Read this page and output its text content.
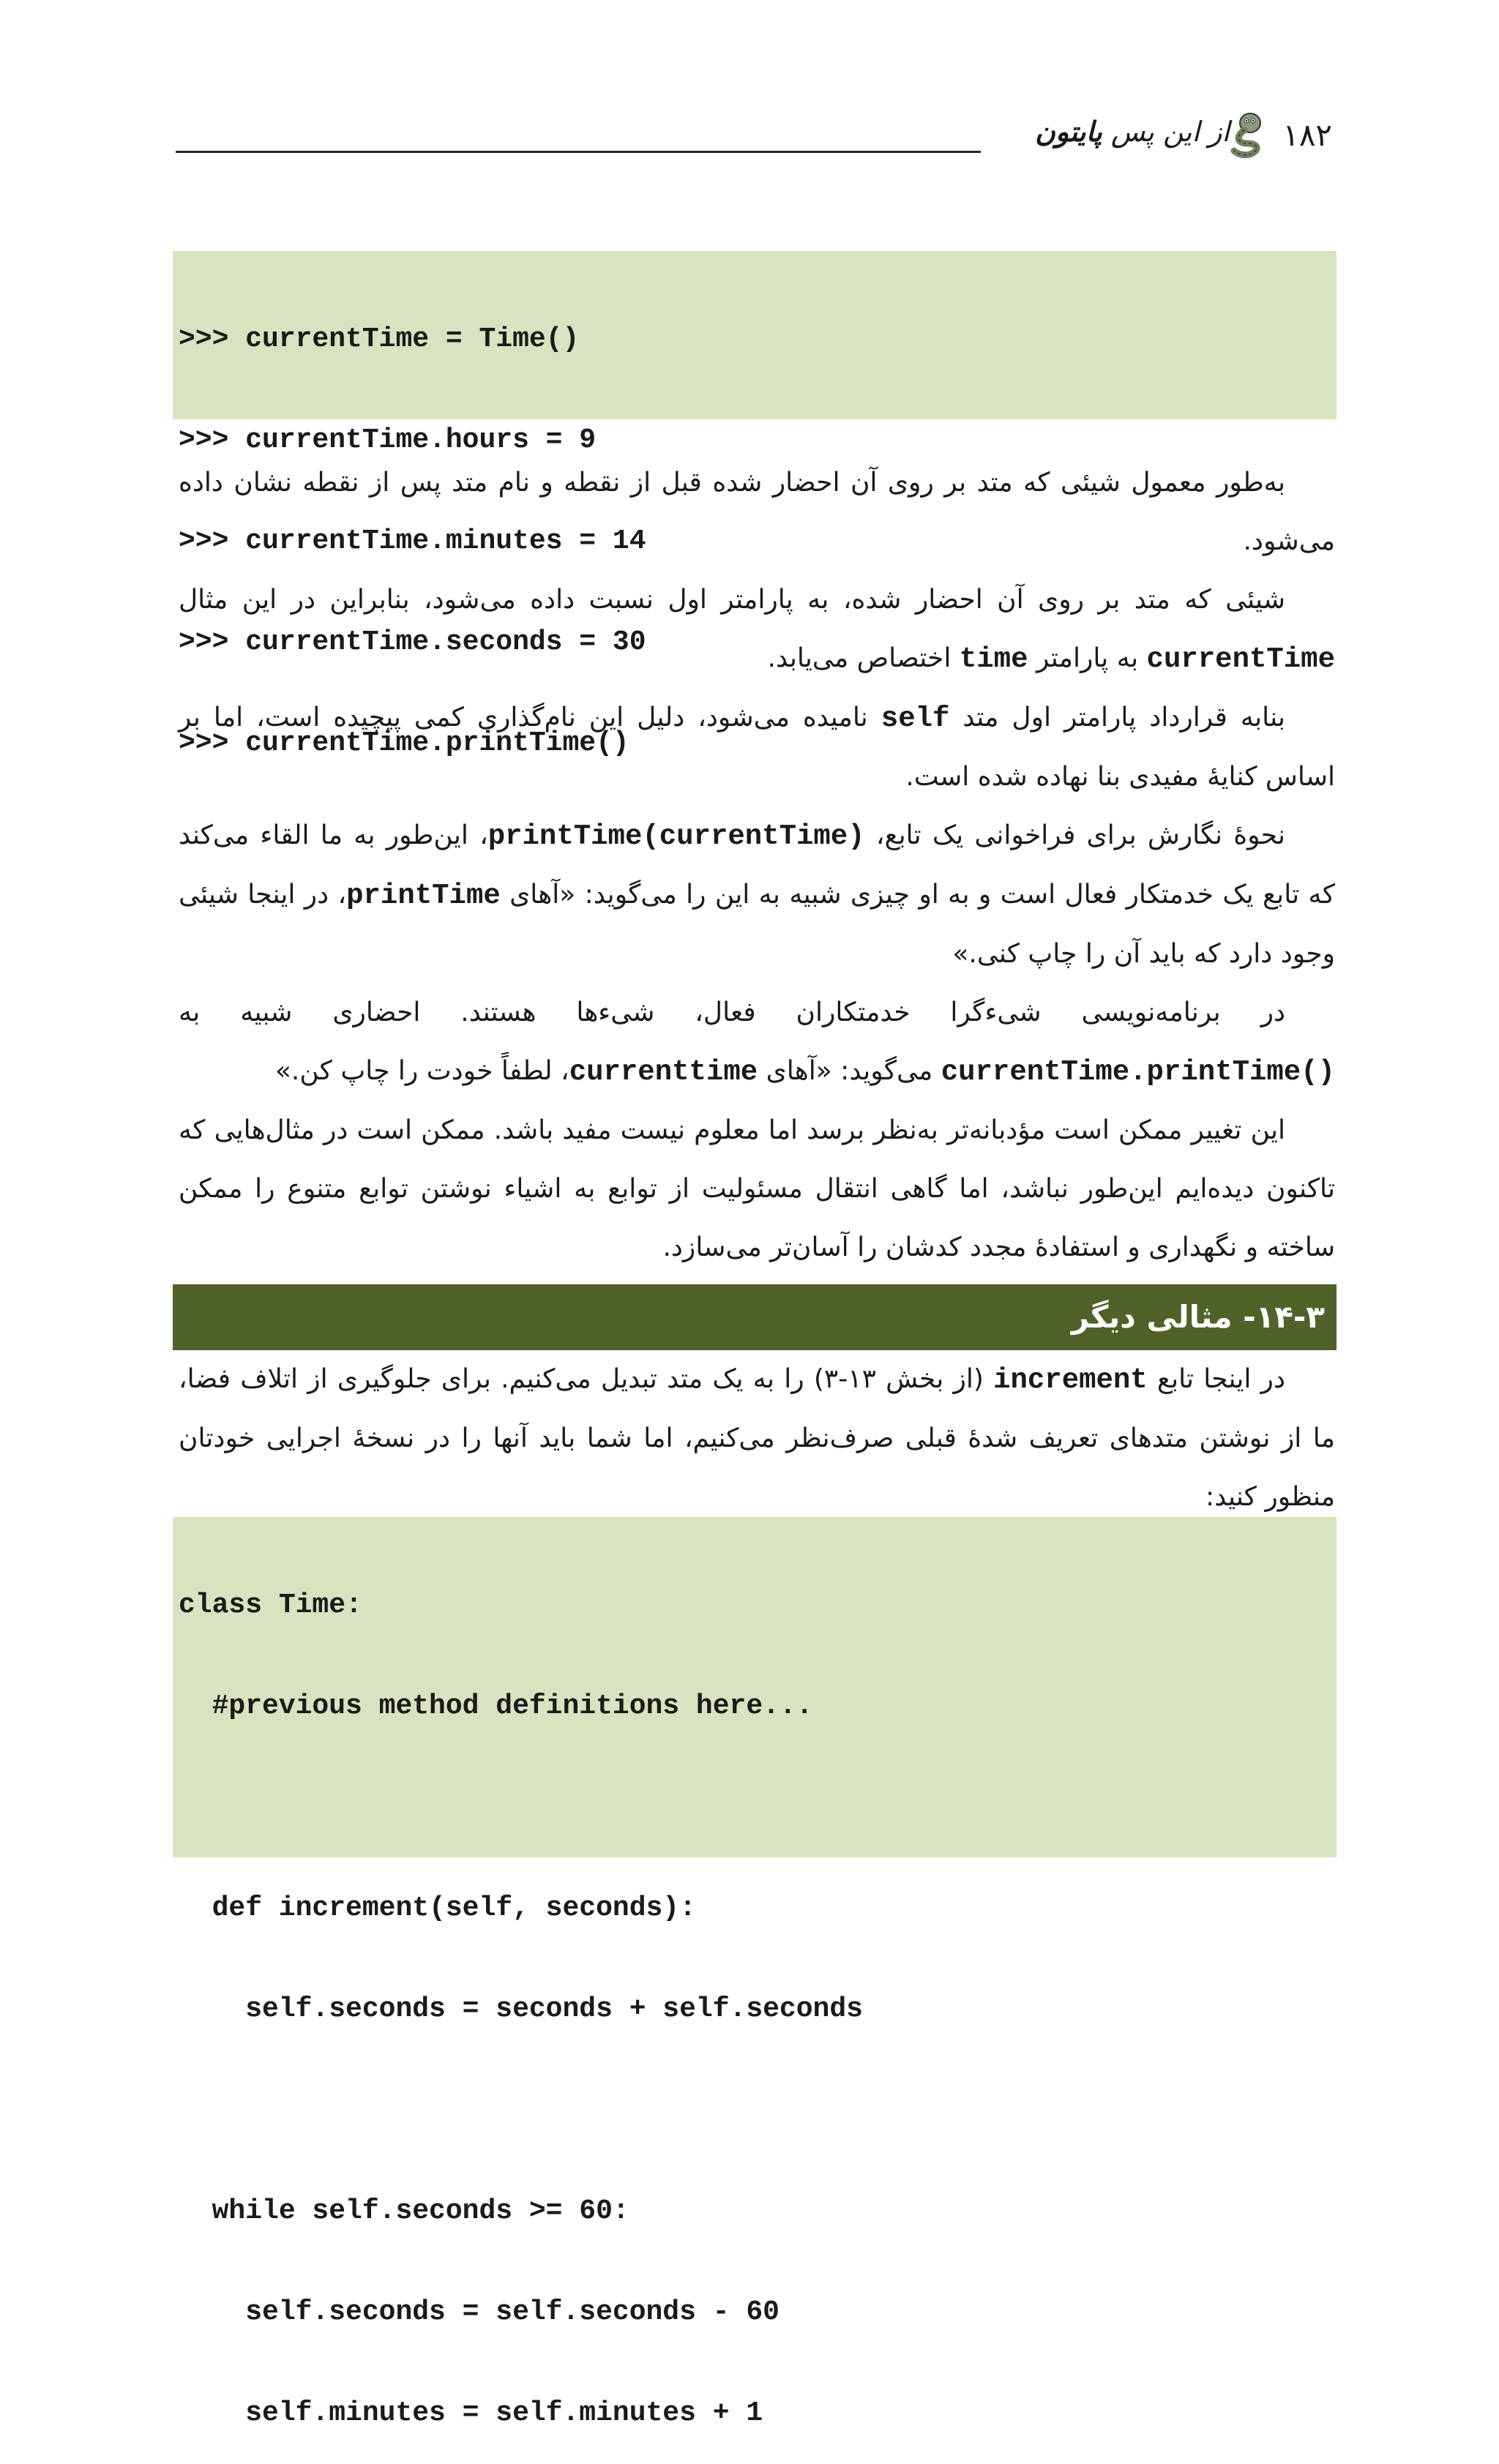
از این پس پایتون	۱۸۲

>>> currentTime = Time()

>>> currentTime.hours = 9

>>> currentTime.minutes = 14

>>> currentTime.seconds = 30

>>> currentTime.printTime()

به‌طور معمول شیئی که متد بر روی آن احضار شده قبل از نقطه و نام متد پس از نقطه نشان داده می‌شود.

شیئی که متد بر روی آن احضار شده، به پارامتر اول نسبت داده می‌شود، بنابراین در این مثال currentTime به پارامتر time اختصاص می‌یابد.

بنابه قرارداد پارامتر اول متد self نامیده می‌شود، دلیل این نام‌گذاری کمی پیچیده است، اما بر اساس کنایهٔ مفیدی بنا نهاده شده است.

نحوهٔ نگارش برای فراخوانی یک تابع، printTime(currentTime)، این‌طور به ما القاء می‌کند که تابع یک خدمتکار فعال است و به او چیزی شبیه به این را می‌گوید: «آهای printTime، در اینجا شیئی وجود دارد که باید آن را چاپ کنی.»

در برنامه‌نویسی شیءگرا خدمتکاران فعال، شیءها هستند. احضاری شبیه به currentTime.printTime() می‌گوید: «آهای currenttime، لطفاً خودت را چاپ کن.»

این تغییر ممکن است مؤدبانه‌تر به‌نظر برسد اما معلوم نیست مفید باشد. ممکن است در مثال‌هایی که تاکنون دیده‌ایم این‌طور نباشد، اما گاهی انتقال مسئولیت از توابع به اشیاء نوشتن توابع متنوع را ممکن ساخته و نگهداری و استفادهٔ مجدد کدشان را آسان‌تر می‌سازد.

۱۴-۳- مثالی دیگر

در اینجا تابع increment (از بخش ۱۳-۳) را به یک متد تبدیل می‌کنیم. برای جلوگیری از اتلاف فضا، ما از نوشتن متدهای تعریف شدهٔ قبلی صرف‌نظر می‌کنیم، اما شما باید آنها را در نسخهٔ اجرایی خودتان منظور کنید:

class Time:

#previous method definitions here...

def increment(self, seconds):

self.seconds = seconds + self.seconds

while self.seconds >= 60:

self.seconds = self.seconds - 60

self.minutes = self.minutes + 1
